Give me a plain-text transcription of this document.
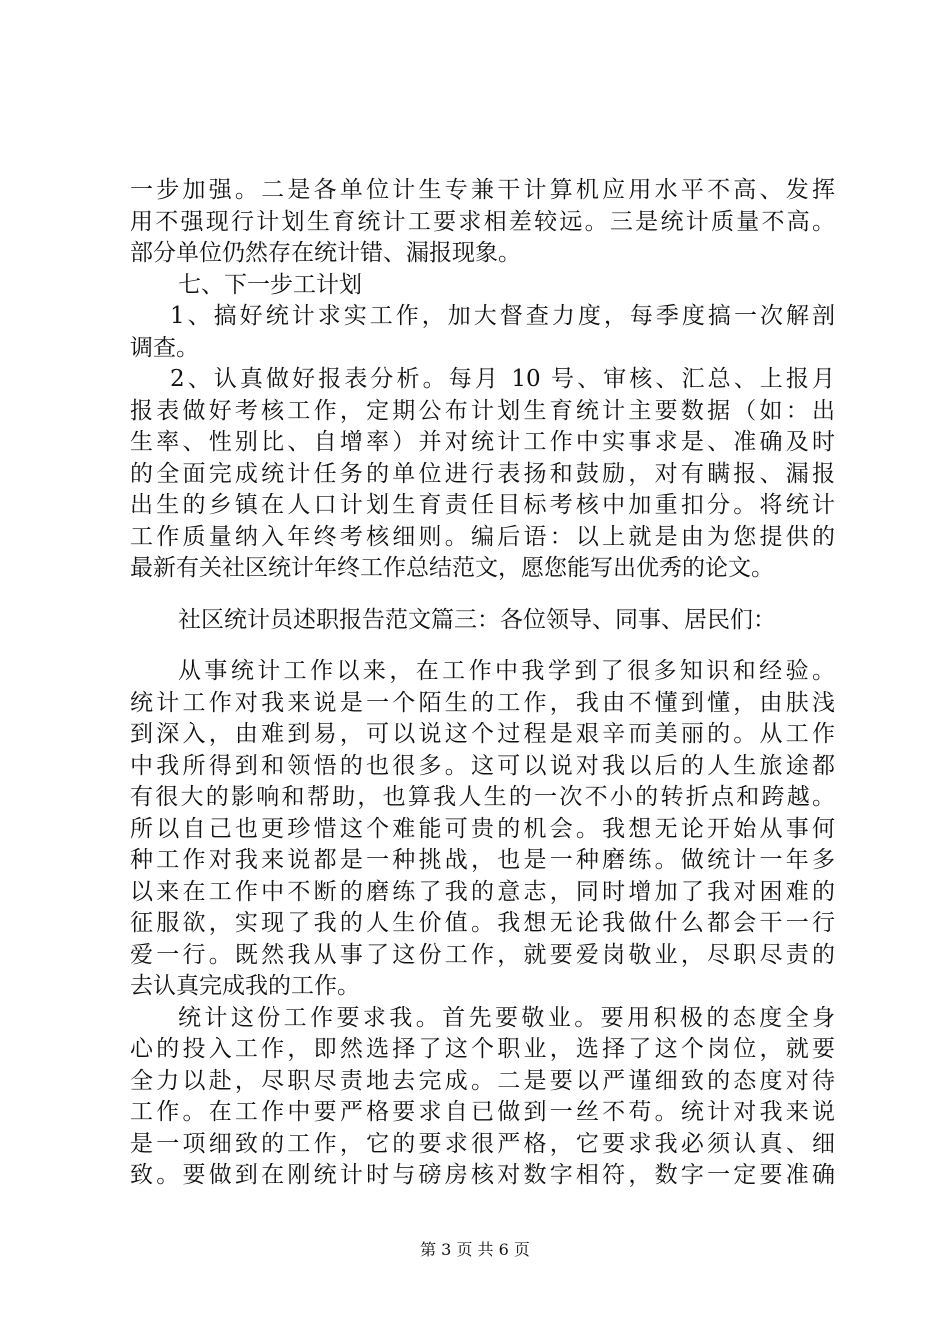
一步加强。二是各单位计生专兼干计算机应用水平不高、发挥
用不强现行计划生育统计工要求相差较远。三是统计质量不高。
部分单位仍然存在统计错、漏报现象。
七、下一步工计划
1、搞好统计求实工作，加大督查力度，每季度搞一次解剖
调查。
2、认真做好报表分析。每月 10 号、审核、汇总、上报月
报表做好考核工作，定期公布计划生育统计主要数据（如：出
生率、性别比、自增率）并对统计工作中实事求是、准确及时
的全面完成统计任务的单位进行表扬和鼓励，对有瞒报、漏报
出生的乡镇在人口计划生育责任目标考核中加重扣分。将统计
工作质量纳入年终考核细则。编后语：以上就是由为您提供的
最新有关社区统计年终工作总结范文，愿您能写出优秀的论文。
社区统计员述职报告范文篇三：各位领导、同事、居民们：
从事统计工作以来，在工作中我学到了很多知识和经验。
统计工作对我来说是一个陌生的工作，我由不懂到懂，由肤浅
到深入，由难到易，可以说这个过程是艰辛而美丽的。从工作
中我所得到和领悟的也很多。这可以说对我以后的人生旅途都
有很大的影响和帮助，也算我人生的一次不小的转折点和跨越。
所以自己也更珍惜这个难能可贵的机会。我想无论开始从事何
种工作对我来说都是一种挑战，也是一种磨练。做统计一年多
以来在工作中不断的磨练了我的意志，同时增加了我对困难的
征服欲，实现了我的人生价值。我想无论我做什么都会干一行
爱一行。既然我从事了这份工作，就要爱岗敬业，尽职尽责的
去认真完成我的工作。
统计这份工作要求我。首先要敬业。要用积极的态度全身
心的投入工作，即然选择了这个职业，选择了这个岗位，就要
全力以赴，尽职尽责地去完成。二是要以严谨细致的态度对待
工作。在工作中要严格要求自已做到一丝不苟。统计对我来说
是一项细致的工作，它的要求很严格，它要求我必须认真、细
致。要做到在刚统计时与磅房核对数字相符，数字一定要准确
第 3 页 共 6 页
